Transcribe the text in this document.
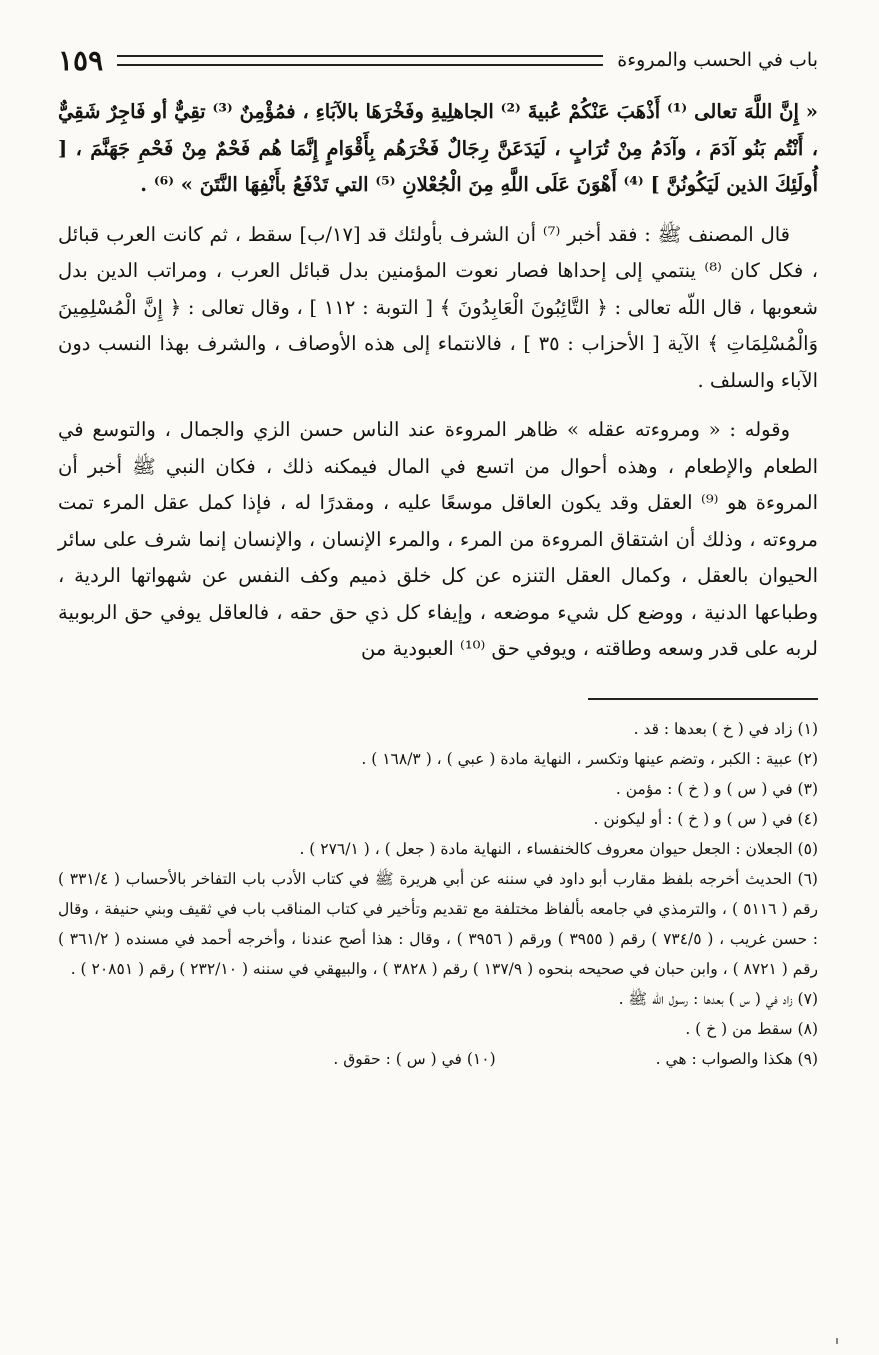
باب في الحسب والمروءة
١٥٩

« إِنَّ اللَّهَ تعالى ⁽¹⁾ أَذْهَبَ عَنْكُمْ عُبيةَ ⁽²⁾ الجاهلِيةِ وفَخْرَهَا بالآبَاءِ ، فمُؤْمِنٌ ⁽³⁾ تقِيٌّ أو فَاجِرٌ شَقِيٌّ ، أَنْتُم بَنُو آدَمَ ، وآدَمُ مِنْ تُرَابٍ ، لَيَدَعَنَّ رِجَالٌ فَخْرَهُم بِأَقْوَامٍ إِنَّمَا هُم فَحْمٌ مِنْ فَحْمِ جَهَنَّمَ ، [ أُولَئِكَ الذين لَيَكُونُنَّ ] ⁽⁴⁾ أَهْوَنَ عَلَى اللَّهِ مِنَ الْجُعْلانِ ⁽⁵⁾ التي تَدْفَعُ بأَنْفِهَا النَّتَنَ » ⁽⁶⁾ .

قال المصنف ﷺ : فقد أخبر ⁽⁷⁾ أن الشرف بأولئك قد [١٧/ب] سقط ، ثم كانت العرب قبائل ، فكل كان ⁽⁸⁾ ينتمي إلى إحداها فصار نعوت المؤمنين بدل قبائل العرب ، ومراتب الدين بدل شعوبها ، قال اللّه تعالى : ﴿ التَّائِبُونَ الْعَابِدُونَ ﴾ [ التوبة : ١١٢ ] ، وقال تعالى : ﴿ إِنَّ الْمُسْلِمِينَ وَالْمُسْلِمَاتِ ﴾ الآية [ الأحزاب : ٣٥ ] ، فالانتماء إلى هذه الأوصاف ، والشرف بهذا النسب دون الآباء والسلف .

وقوله : « ومروءته عقله » ظاهر المروءة عند الناس حسن الزي والجمال ، والتوسع في الطعام والإطعام ، وهذه أحوال من اتسع في المال فيمكنه ذلك ، فكان النبي ﷺ أخبر أن المروءة هو ⁽⁹⁾ العقل وقد يكون العاقل موسعًا عليه ، ومقدرًا له ، فإذا كمل عقل المرء تمت مروءته ، وذلك أن اشتقاق المروءة من المرء ، والمرء الإنسان ، والإنسان إنما شرف على سائر الحيوان بالعقل ، وكمال العقل التنزه عن كل خلق ذميم وكف النفس عن شهواتها الردية ، وطباعها الدنية ، ووضع كل شيء موضعه ، وإيفاء كل ذي حق حقه ، فالعاقل يوفي حق الربوبية لربه على قدر وسعه وطاقته ، ويوفي حق ⁽¹⁰⁾ العبودية من

(١) زاد في ( خ ) بعدها : قد .

(٢) عبية : الكبر ، وتضم عينها وتكسر ، النهاية مادة ( عبي ) ، ( ١٦٨/٣ ) .

(٣) في ( س ) و ( خ ) : مؤمن .

(٤) في ( س ) و ( خ ) : أو ليكونن .

(٥) الجعلان : الجعل حيوان معروف كالخنفساء ، النهاية مادة ( جعل ) ، ( ٢٧٦/١ ) .

(٦) الحديث أخرجه بلفظ مقارب أبو داود في سننه عن أبي هريرة ﷺ في كتاب الأدب باب التفاخر بالأحساب ( ٣٣١/٤ ) رقم ( ٥١١٦ ) ، والترمذي في جامعه بألفاظ مختلفة مع تقديم وتأخير في كتاب المناقب باب في ثقيف وبني حنيفة ، وقال : حسن غريب ، ( ٧٣٤/٥ ) رقم ( ٣٩٥٥ ) ورقم ( ٣٩٥٦ ) ، وقال : هذا أصح عندنا ، وأخرجه أحمد في مسنده ( ٣٦١/٢ ) رقم ( ٨٧٢١ ) ، وابن حبان في صحيحه بنحوه ( ١٣٧/٩ ) رقم ( ٣٨٢٨ ) ، والبيهقي في سننه ( ٢٣٢/١٠ ) رقم ( ٢٠٨٥١ ) .

(٧) زاد في ( س ) بعدها : رسول اللّه ﷺ .

(٨) سقط من ( خ ) .

(٩) هكذا والصواب : هي .

(١٠) في ( س ) : حقوق .
